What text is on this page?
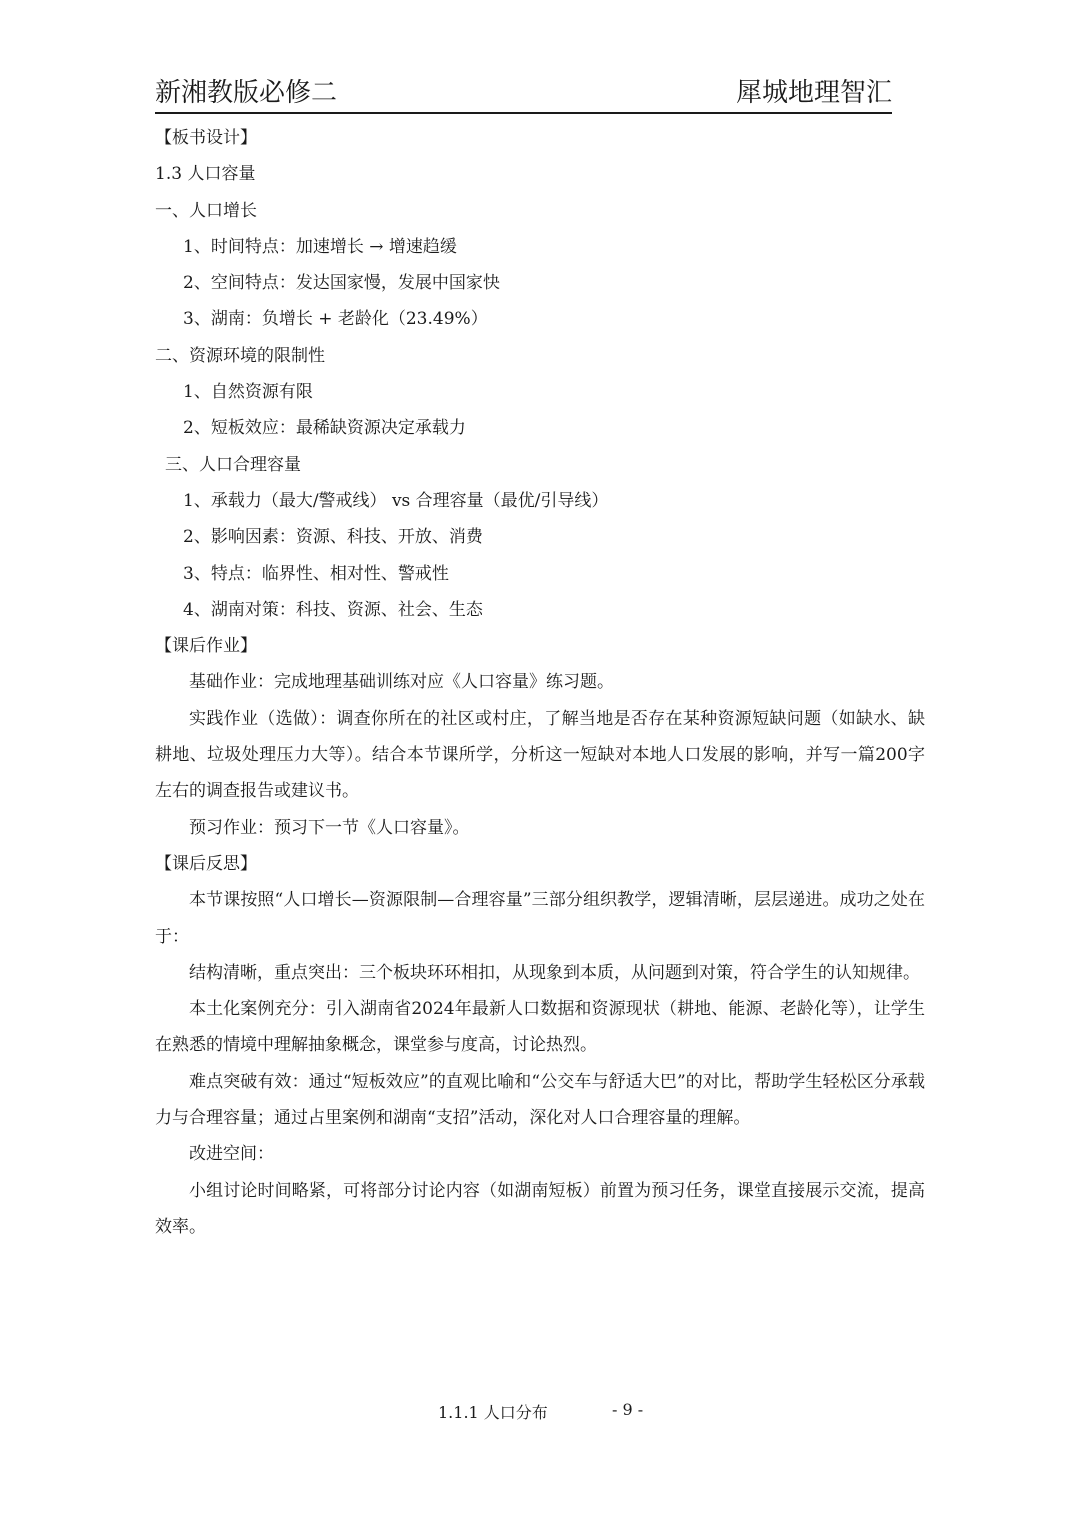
新湘教版必修二	犀城地理智汇
【板书设计】
1.3 人口容量
一、人口增长
1、时间特点：加速增长 → 增速趋缓
2、空间特点：发达国家慢，发展中国家快
3、湖南：负增长 + 老龄化（23.49%）
二、资源环境的限制性
1、自然资源有限
2、短板效应：最稀缺资源决定承载力
三、人口合理容量
1、承载力（最大/警戒线） vs 合理容量（最优/引导线）
2、影响因素：资源、科技、开放、消费
3、特点：临界性、相对性、警戒性
4、湖南对策：科技、资源、社会、生态
【课后作业】

基础作业：完成地理基础训练对应《人口容量》练习题。

实践作业（选做）：调查你所在的社区或村庄，了解当地是否存在某种资源短缺问题（如缺水、缺耕地、垃圾处理压力大等）。结合本节课所学，分析这一短缺对本地人口发展的影响，并写一篇200字左右的调查报告或建议书。

预习作业：预习下一节《人口容量》。

【课后反思】

本节课按照“人口增长—资源限制—合理容量”三部分组织教学，逻辑清晰，层层递进。成功之处在于：

结构清晰，重点突出：三个板块环环相扣，从现象到本质，从问题到对策，符合学生的认知规律。

本土化案例充分：引入湖南省2024年最新人口数据和资源现状（耕地、能源、老龄化等），让学生在熟悉的情境中理解抽象概念，课堂参与度高，讨论热烈。

难点突破有效：通过“短板效应”的直观比喻和“公交车与舒适大巴”的对比，帮助学生轻松区分承载力与合理容量；通过占里案例和湖南“支招”活动，深化对人口合理容量的理解。

改进空间：

小组讨论时间略紧，可将部分讨论内容（如湖南短板）前置为预习任务，课堂直接展示交流，提高效率。

1.1.1 人口分布	- 9 -
